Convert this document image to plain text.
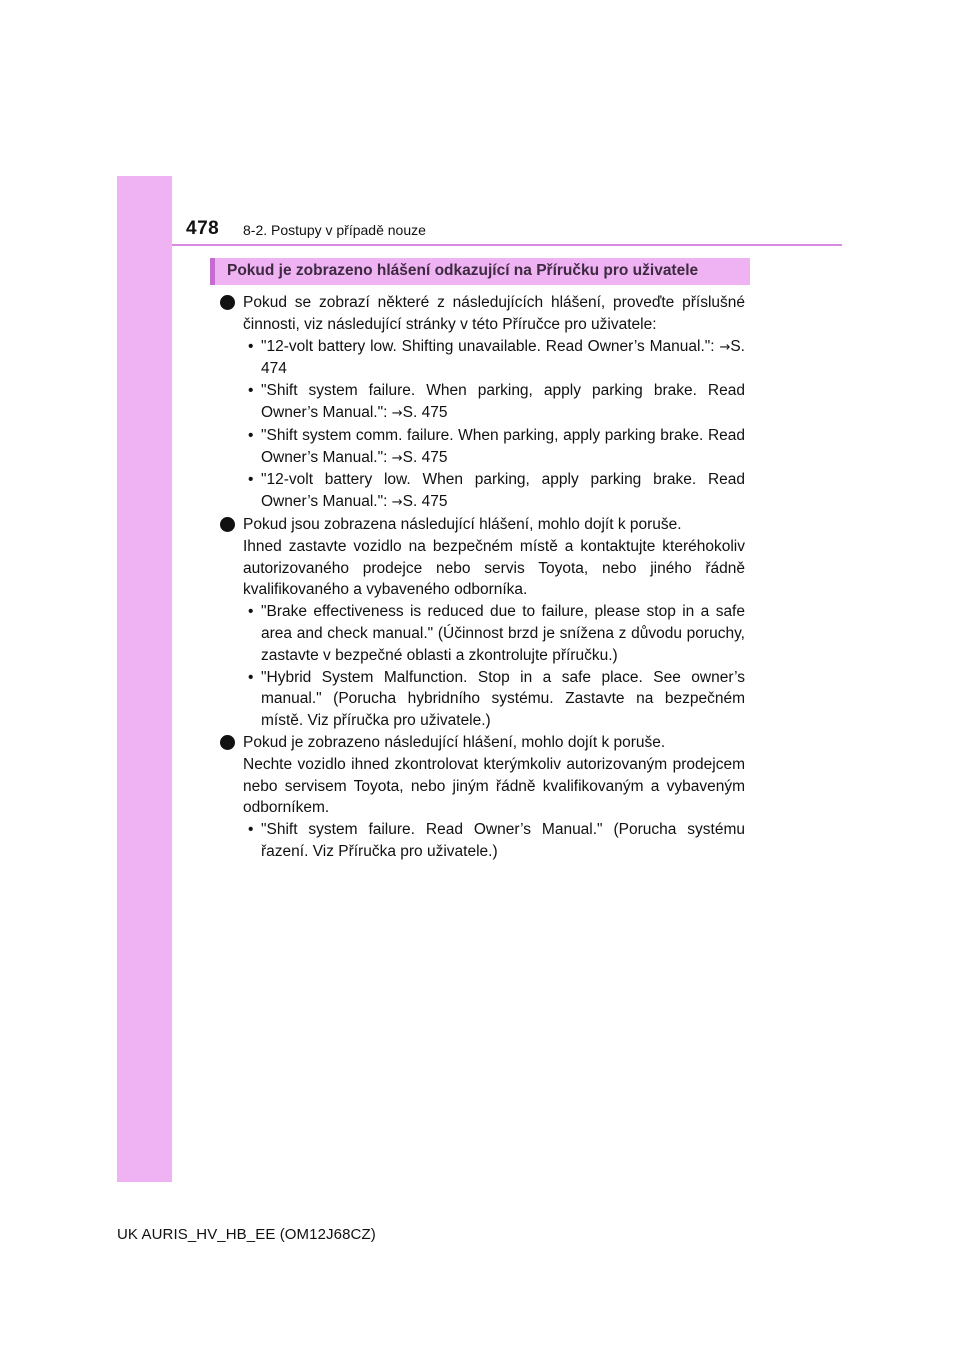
478 8-2. Postupy v případě nouze
Pokud je zobrazeno hlášení odkazující na Příručku pro uživatele
Pokud se zobrazí některé z následujících hlášení, proveďte příslušné činnosti, viz následující stránky v této Příručce pro uživatele:
• "12-volt battery low. Shifting unavailable. Read Owner’s Manual.": →S. 474
• "Shift system failure. When parking, apply parking brake. Read Owner’s Manual.": →S. 475
• "Shift system comm. failure. When parking, apply parking brake. Read Owner’s Manual.": →S. 475
• "12-volt battery low. When parking, apply parking brake. Read Owner’s Manual.": →S. 475
Pokud jsou zobrazena následující hlášení, mohlo dojít k poruše.
Ihned zastavte vozidlo na bezpečném místě a kontaktujte kteréhokoliv autorizovaného prodejce nebo servis Toyota, nebo jiného řádně kvalifikovaného a vybaveného odborníka.
• "Brake effectiveness is reduced due to failure, please stop in a safe area and check manual." (Účinnost brzd je snížena z důvodu poruchy, zastavte v bezpečné oblasti a zkontrolujte příručku.)
• "Hybrid System Malfunction. Stop in a safe place. See owner’s manual." (Porucha hybridního systému. Zastavte na bezpečném místě. Viz příručka pro uživatele.)
Pokud je zobrazeno následující hlášení, mohlo dojít k poruše.
Nechte vozidlo ihned zkontrolovat kterýmkoliv autorizovaným prodejcem nebo servisem Toyota, nebo jiným řádně kvalifikovaným a vybaveným odborníkem.
• "Shift system failure. Read Owner’s Manual." (Porucha systému řazení. Viz Příručka pro uživatele.)
UK AURIS_HV_HB_EE (OM12J68CZ)
